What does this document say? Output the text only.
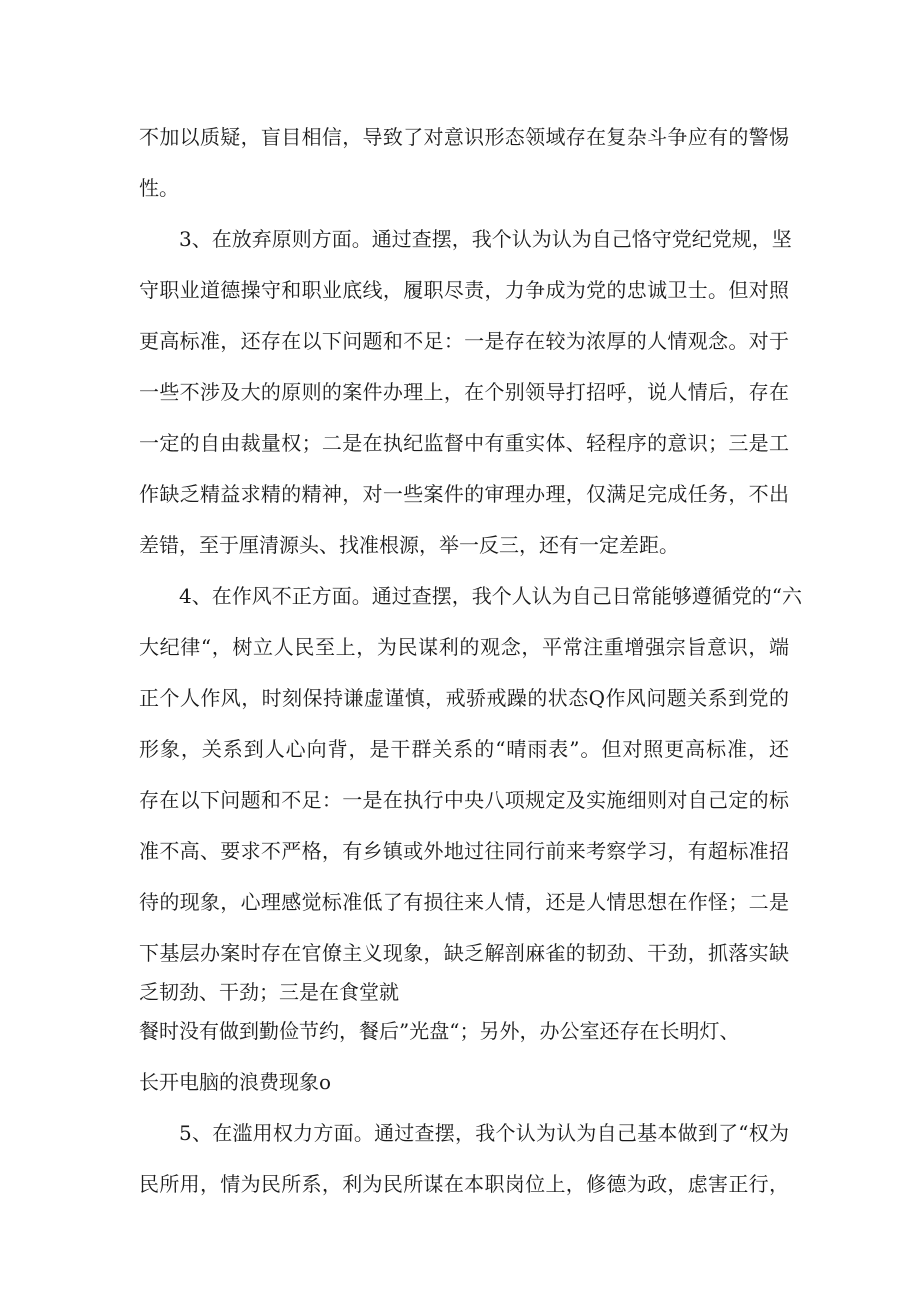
不加以质疑，盲目相信，导致了对意识形态领域存在复杂斗争应有的警惕
性。
3、在放弃原则方面。通过查摆，我个认为认为自己恪守党纪党规，坚
守职业道德操守和职业底线，履职尽责，力争成为党的忠诚卫士。但对照
更高标准，还存在以下问题和不足：一是存在较为浓厚的人情观念。对于
一些不涉及大的原则的案件办理上，在个别领导打招呼，说人情后，存在
一定的自由裁量权；二是在执纪监督中有重实体、轻程序的意识；三是工
作缺乏精益求精的精神，对一些案件的审理办理，仅满足完成任务，不出
差错，至于厘清源头、找准根源，举一反三，还有一定差距。
4、在作风不正方面。通过查摆，我个人认为自己日常能够遵循党的“六
大纪律“，树立人民至上，为民谋利的观念，平常注重增强宗旨意识，端
正个人作风，时刻保持谦虚谨慎，戒骄戒躁的状态Q作风问题关系到党的
形象，关系到人心向背，是干群关系的“晴雨表”。但对照更高标准，还
存在以下问题和不足：一是在执行中央八项规定及实施细则对自己定的标
准不高、要求不严格，有乡镇或外地过往同行前来考察学习，有超标准招
待的现象，心理感觉标准低了有损往来人情，还是人情思想在作怪；二是
下基层办案时存在官僚主义现象，缺乏解剖麻雀的韧劲、干劲，抓落实缺
乏韧劲、干劲；三是在食堂就
餐时没有做到勤俭节约，餐后”光盘“；另外，办公室还存在长明灯、
长开电脑的浪费现象o
5、在滥用权力方面。通过查摆，我个认为认为自己基本做到了“权为
民所用，情为民所系，利为民所谋在本职岗位上，修德为政，虑害正行，
